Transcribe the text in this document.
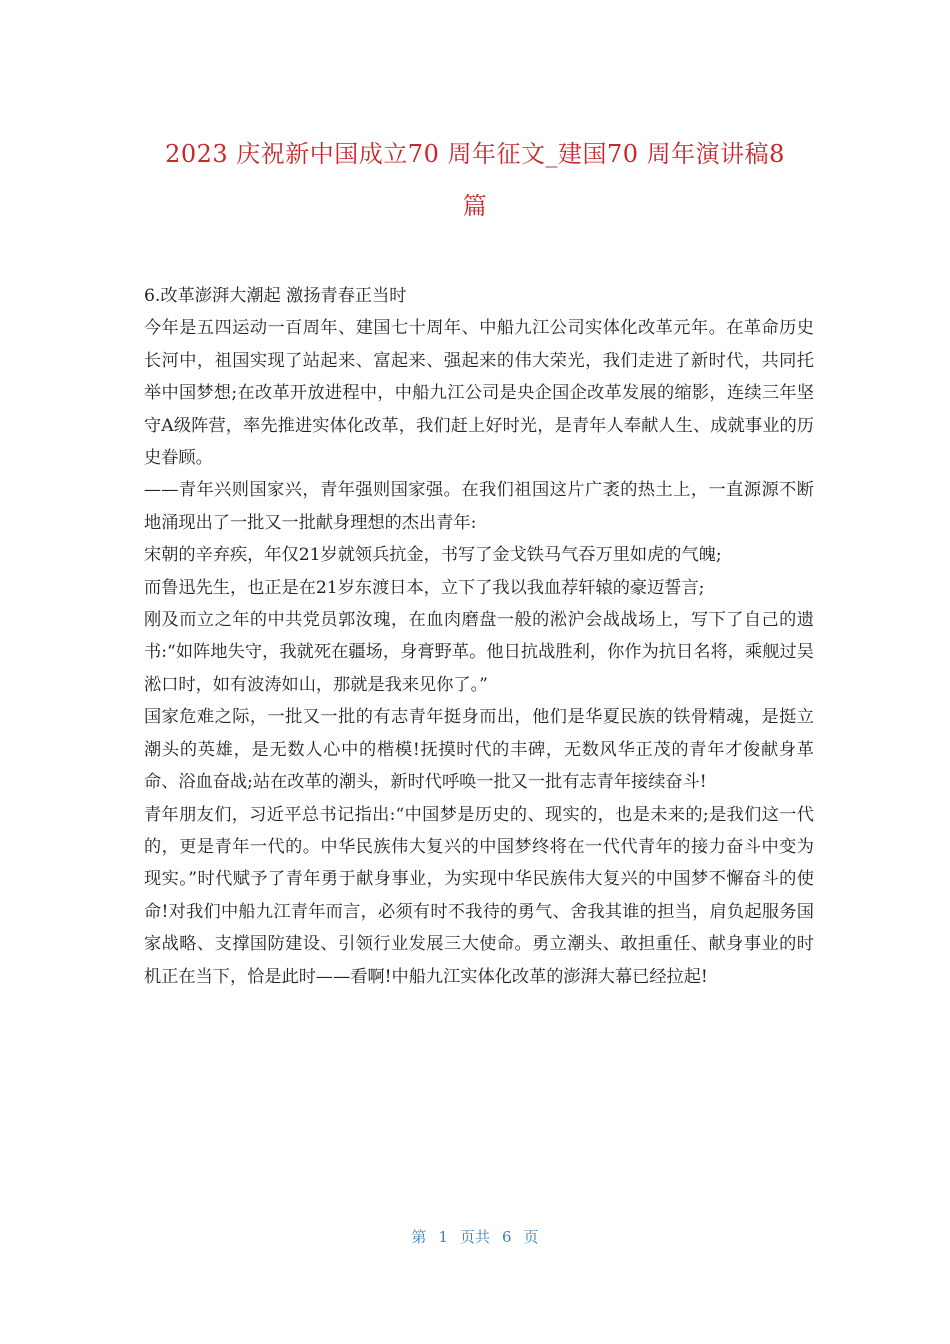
2023 庆祝新中国成立70 周年征文_建国70 周年演讲稿8
篇

6.改革澎湃大潮起 激扬青春正当时

今年是五四运动一百周年、建国七十周年、中船九江公司实体化改革元年。在革命历史长河中，祖国实现了站起来、富起来、强起来的伟大荣光，我们走进了新时代，共同托举中国梦想;在改革开放进程中，中船九江公司是央企国企改革发展的缩影，连续三年坚守A级阵营，率先推进实体化改革，我们赶上好时光，是青年人奉献人生、成就事业的历史眷顾。

——青年兴则国家兴，青年强则国家强。在我们祖国这片广袤的热土上，一直源源不断地涌现出了一批又一批献身理想的杰出青年:

宋朝的辛弃疾，年仅21岁就领兵抗金，书写了金戈铁马气吞万里如虎的气魄;

而鲁迅先生，也正是在21岁东渡日本，立下了我以我血荐轩辕的豪迈誓言;

刚及而立之年的中共党员郭汝瑰，在血肉磨盘一般的淞沪会战战场上，写下了自己的遗书:“如阵地失守，我就死在疆场，身膏野革。他日抗战胜利，你作为抗日名将，乘舰过吴淞口时，如有波涛如山，那就是我来见你了。”

国家危难之际，一批又一批的有志青年挺身而出，他们是华夏民族的铁骨精魂，是挺立潮头的英雄，是无数人心中的楷模!抚摸时代的丰碑，无数风华正茂的青年才俊献身革命、浴血奋战;站在改革的潮头，新时代呼唤一批又一批有志青年接续奋斗!

青年朋友们，习近平总书记指出:“中国梦是历史的、现实的，也是未来的;是我们这一代的，更是青年一代的。中华民族伟大复兴的中国梦终将在一代代青年的接力奋斗中变为现实。”时代赋予了青年勇于献身事业，为实现中华民族伟大复兴的中国梦不懈奋斗的使命!对我们中船九江青年而言，必须有时不我待的勇气、舍我其谁的担当，肩负起服务国家战略、支撑国防建设、引领行业发展三大使命。勇立潮头、敢担重任、献身事业的时机正在当下，恰是此时——看啊!中船九江实体化改革的澎湃大幕已经拉起!

第 1 页共 6 页
